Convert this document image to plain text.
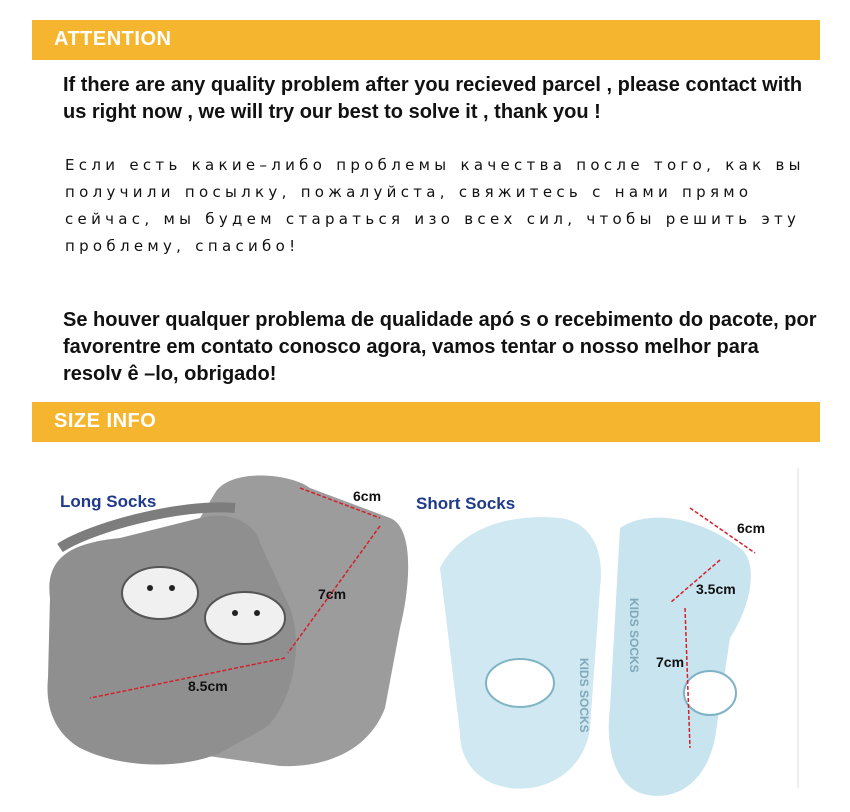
ATTENTION
If there are any quality problem after you recieved parcel , please contact with us right now , we will try our best to solve it , thank you !
Если есть какие–либо проблемы качества после того, как вы получили посылку, пожалуйста, свяжитесь с нами прямо сейчас, мы будем стараться изо всех сил, чтобы решить эту проблему, спасибо!
Se houver qualquer problema de qualidade apó s o recebimento do pacote, por favorentre em contato conosco agora, vamos tentar o nosso melhor para resolv ê –lo, obrigado!
SIZE INFO
Long Socks	6cm
7cm
8.5cm	KIDS SOCKS
KIDS SOCKS
Short Socks
6cm
3.5cm
7cm
